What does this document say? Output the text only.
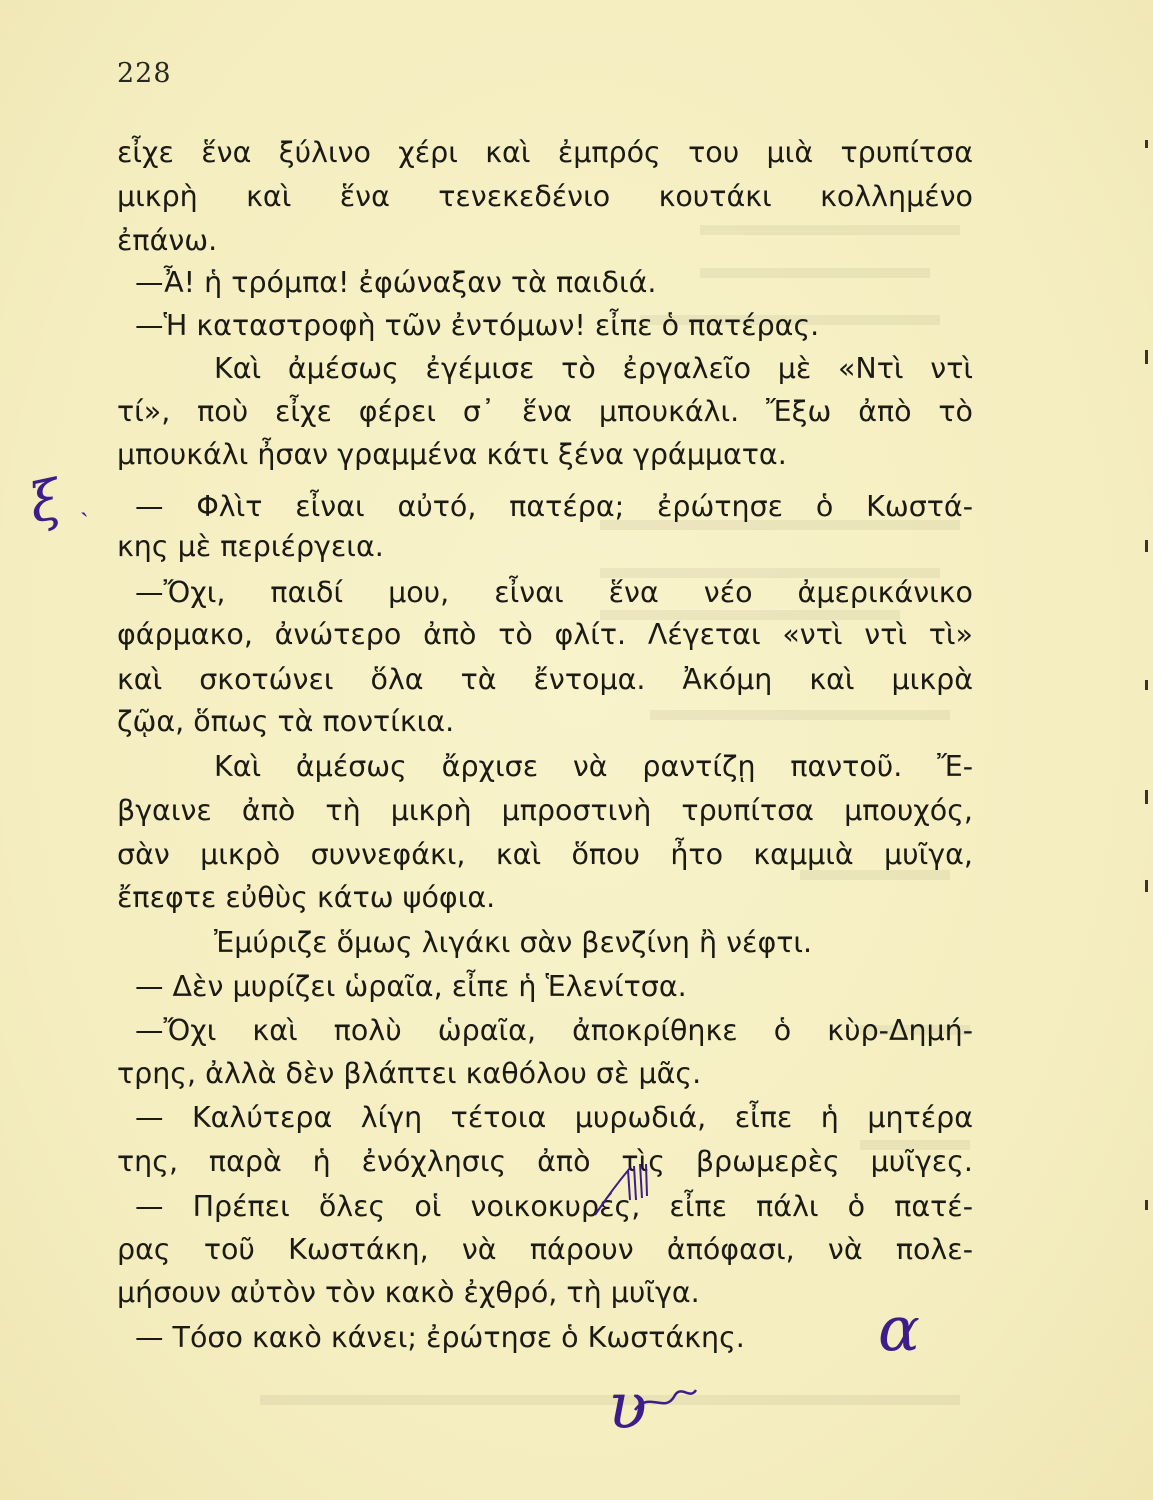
228
εἶχε ἕνα ξύλινο χέρι καὶ ἐμπρός του μιὰ τρυπίτσα
μικρὴ καὶ ἕνα τενεκεδένιο κουτάκι κολλημένο
ἐπάνω.
—Ἆ! ἡ τρόμπα! ἐφώναξαν τὰ παιδιά.
—Ἡ καταστροφὴ τῶν ἐντόμων! εἶπε ὁ πατέρας.
Καὶ ἀμέσως ἐγέμισε τὸ ἐργαλεῖο μὲ «Ντὶ ντὶ
τί», ποὺ εἶχε φέρει σ᾽ ἕνα μπουκάλι. Ἔξω ἀπὸ τὸ
μπουκάλι ἦσαν γραμμένα κάτι ξένα γράμματα.
— Φλὶτ εἶναι αὐτό, πατέρα; ἐρώτησε ὁ Κωστά-
κης μὲ περιέργεια.
—Ὄχι, παιδί μου, εἶναι ἕνα νέο ἀμερικάνικο
φάρμακο, ἀνώτερο ἀπὸ τὸ φλίτ. Λέγεται «ντὶ ντὶ τὶ»
καὶ σκοτώνει ὅλα τὰ ἔντομα. Ἀκόμη καὶ μικρὰ
ζῷα, ὅπως τὰ ποντίκια.
Καὶ ἀμέσως ἄρχισε νὰ ραντίζῃ παντοῦ. Ἔ-
βγαινε ἀπὸ τὴ μικρὴ μπροστινὴ τρυπίτσα μπουχός,
σὰν μικρὸ συννεφάκι, καὶ ὅπου ἦτο καμμιὰ μυῖγα,
ἔπεφτε εὐθὺς κάτω ψόφια.
Ἐμύριζε ὅμως λιγάκι σὰν βενζίνη ἢ νέφτι.
— Δὲν μυρίζει ὡραῖα, εἶπε ἡ Ἑλενίτσα.
—Ὄχι καὶ πολὺ ὡραῖα, ἀποκρίθηκε ὁ κὺρ-Δημή-
τρης, ἀλλὰ δὲν βλάπτει καθόλου σὲ μᾶς.
— Καλύτερα λίγη τέτοια μυρωδιά, εἶπε ἡ μητέρα
της, παρὰ ἡ ἐνόχλησις ἀπὸ τὶς βρωμερὲς μυῖγες.
— Πρέπει ὅλες οἱ νοικοκυρές, εἶπε πάλι ὁ πατέ-
ρας τοῦ Κωστάκη, νὰ πάρουν ἀπόφασι, νὰ πολε-
μήσουν αὐτὸν τὸν κακὸ ἐχθρό, τὴ μυῖγα.
— Τόσο κακὸ κάνει; ἐρώτησε ὁ Κωστάκης.
ξ ˏ
α
υ
